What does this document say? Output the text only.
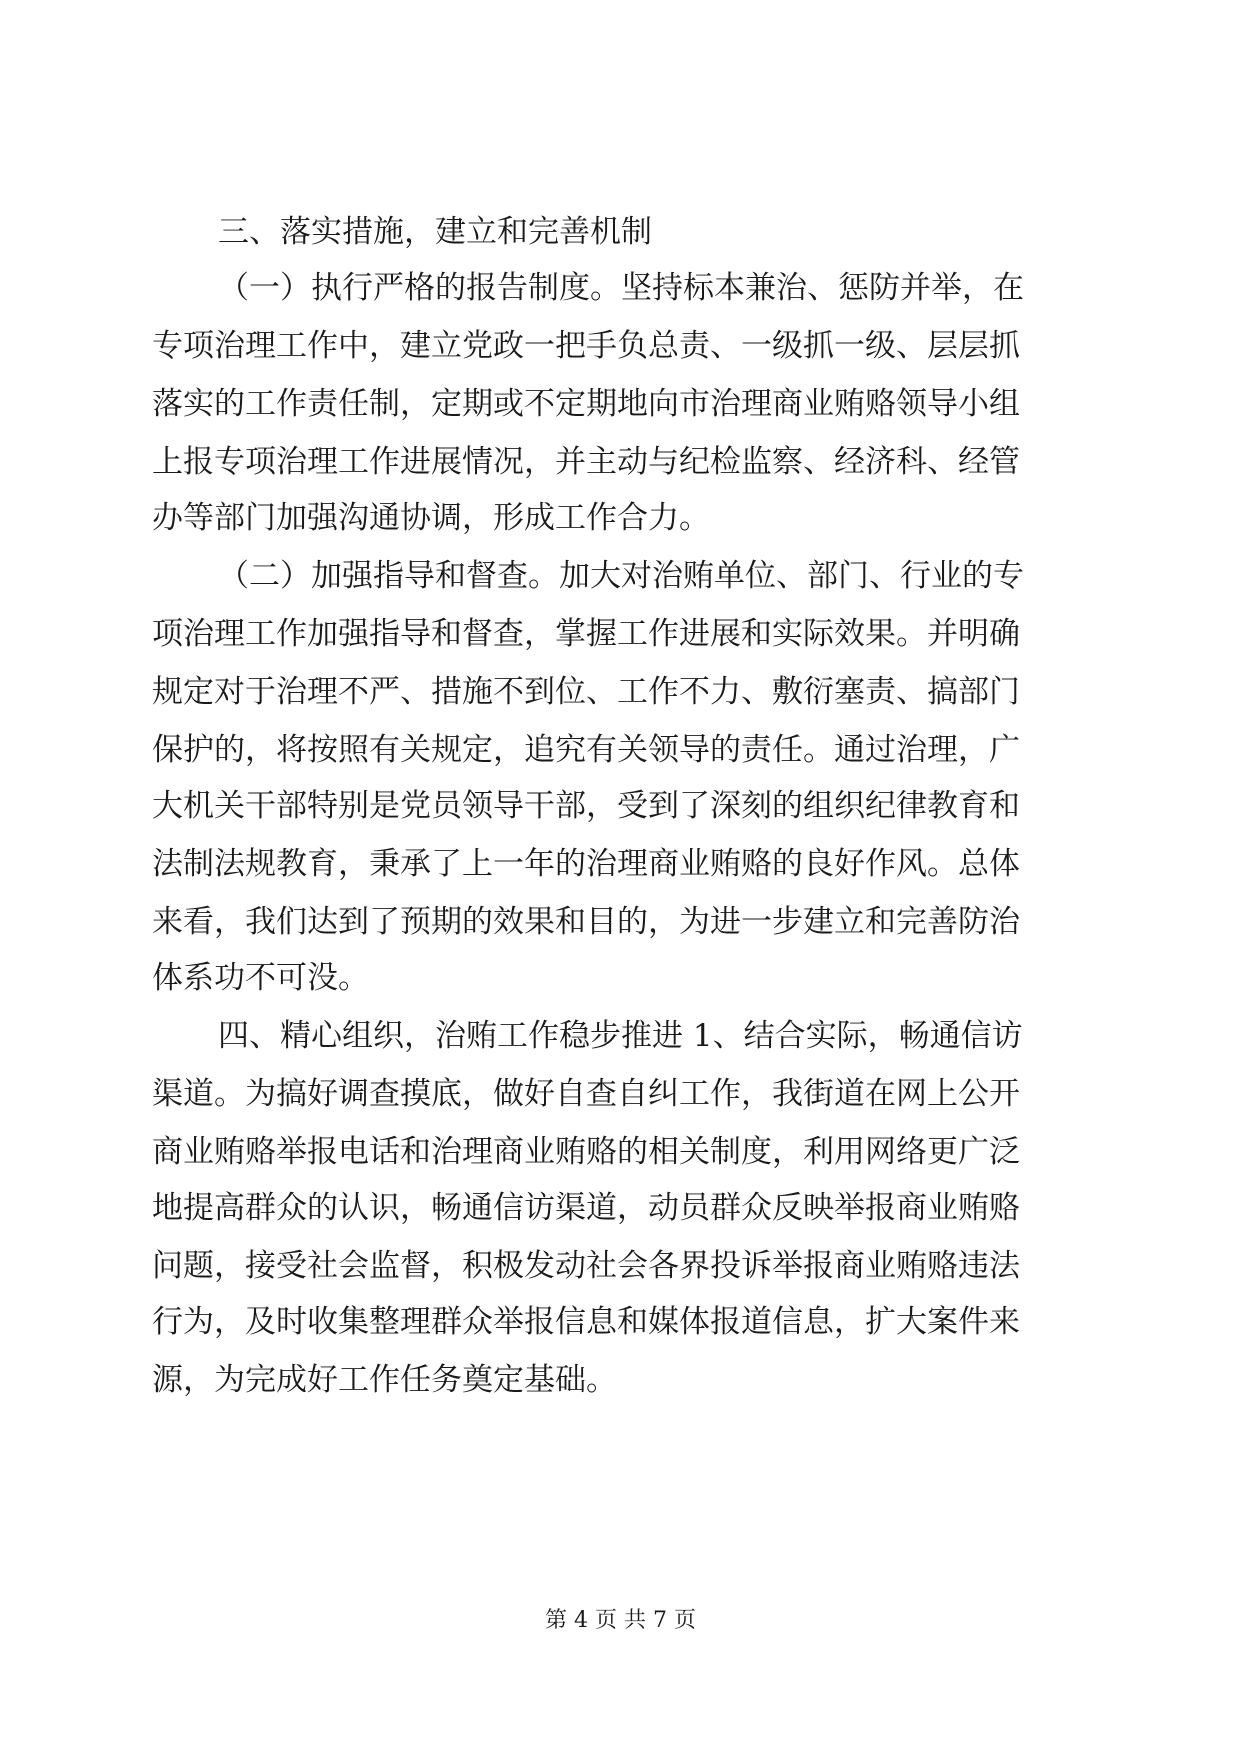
三、落实措施，建立和完善机制
（一）执行严格的报告制度。坚持标本兼治、惩防并举，在
专项治理工作中，建立党政一把手负总责、一级抓一级、层层抓
落实的工作责任制，定期或不定期地向市治理商业贿赂领导小组
上报专项治理工作进展情况，并主动与纪检监察、经济科、经管
办等部门加强沟通协调，形成工作合力。
（二）加强指导和督查。加大对治贿单位、部门、行业的专
项治理工作加强指导和督查，掌握工作进展和实际效果。并明确
规定对于治理不严、措施不到位、工作不力、敷衍塞责、搞部门
保护的，将按照有关规定，追究有关领导的责任。通过治理，广
大机关干部特别是党员领导干部，受到了深刻的组织纪律教育和
法制法规教育，秉承了上一年的治理商业贿赂的良好作风。总体
来看，我们达到了预期的效果和目的，为进一步建立和完善防治
体系功不可没。
四、精心组织，治贿工作稳步推进 1、结合实际，畅通信访
渠道。为搞好调查摸底，做好自查自纠工作，我街道在网上公开
商业贿赂举报电话和治理商业贿赂的相关制度，利用网络更广泛
地提高群众的认识，畅通信访渠道，动员群众反映举报商业贿赂
问题，接受社会监督，积极发动社会各界投诉举报商业贿赂违法
行为，及时收集整理群众举报信息和媒体报道信息，扩大案件来
源，为完成好工作任务奠定基础。
第 4 页 共 7 页
